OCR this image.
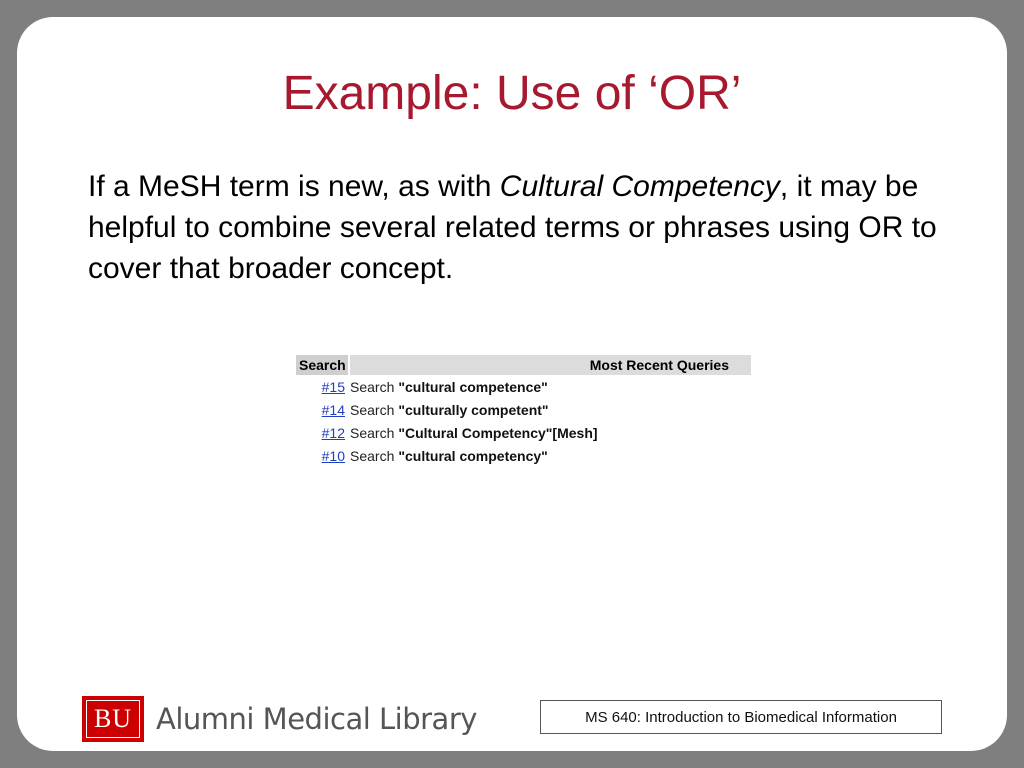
Example: Use of ‘OR’

If a MeSH term is new, as with Cultural Competency, it may be helpful to combine several related terms or phrases using OR to cover that broader concept.

Search	Most Recent Queries
#15 Search "cultural competence"
#14 Search "culturally competent"
#12 Search "Cultural Competency"[Mesh]
#10 Search "cultural competency"
BU Alumni Medical Library	MS 640: Introduction to Biomedical Information
